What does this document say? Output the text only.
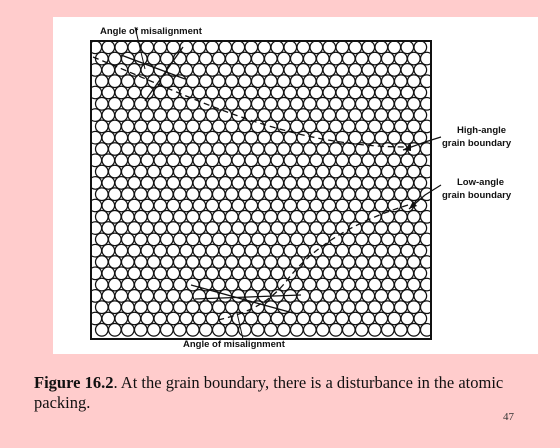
Angle of misalignment
High-angle
grain boundary
Low-angle
grain boundary
Angle of misalignment
Figure 16.2. At the grain boundary, there is a disturbance in the atomic packing.
47
